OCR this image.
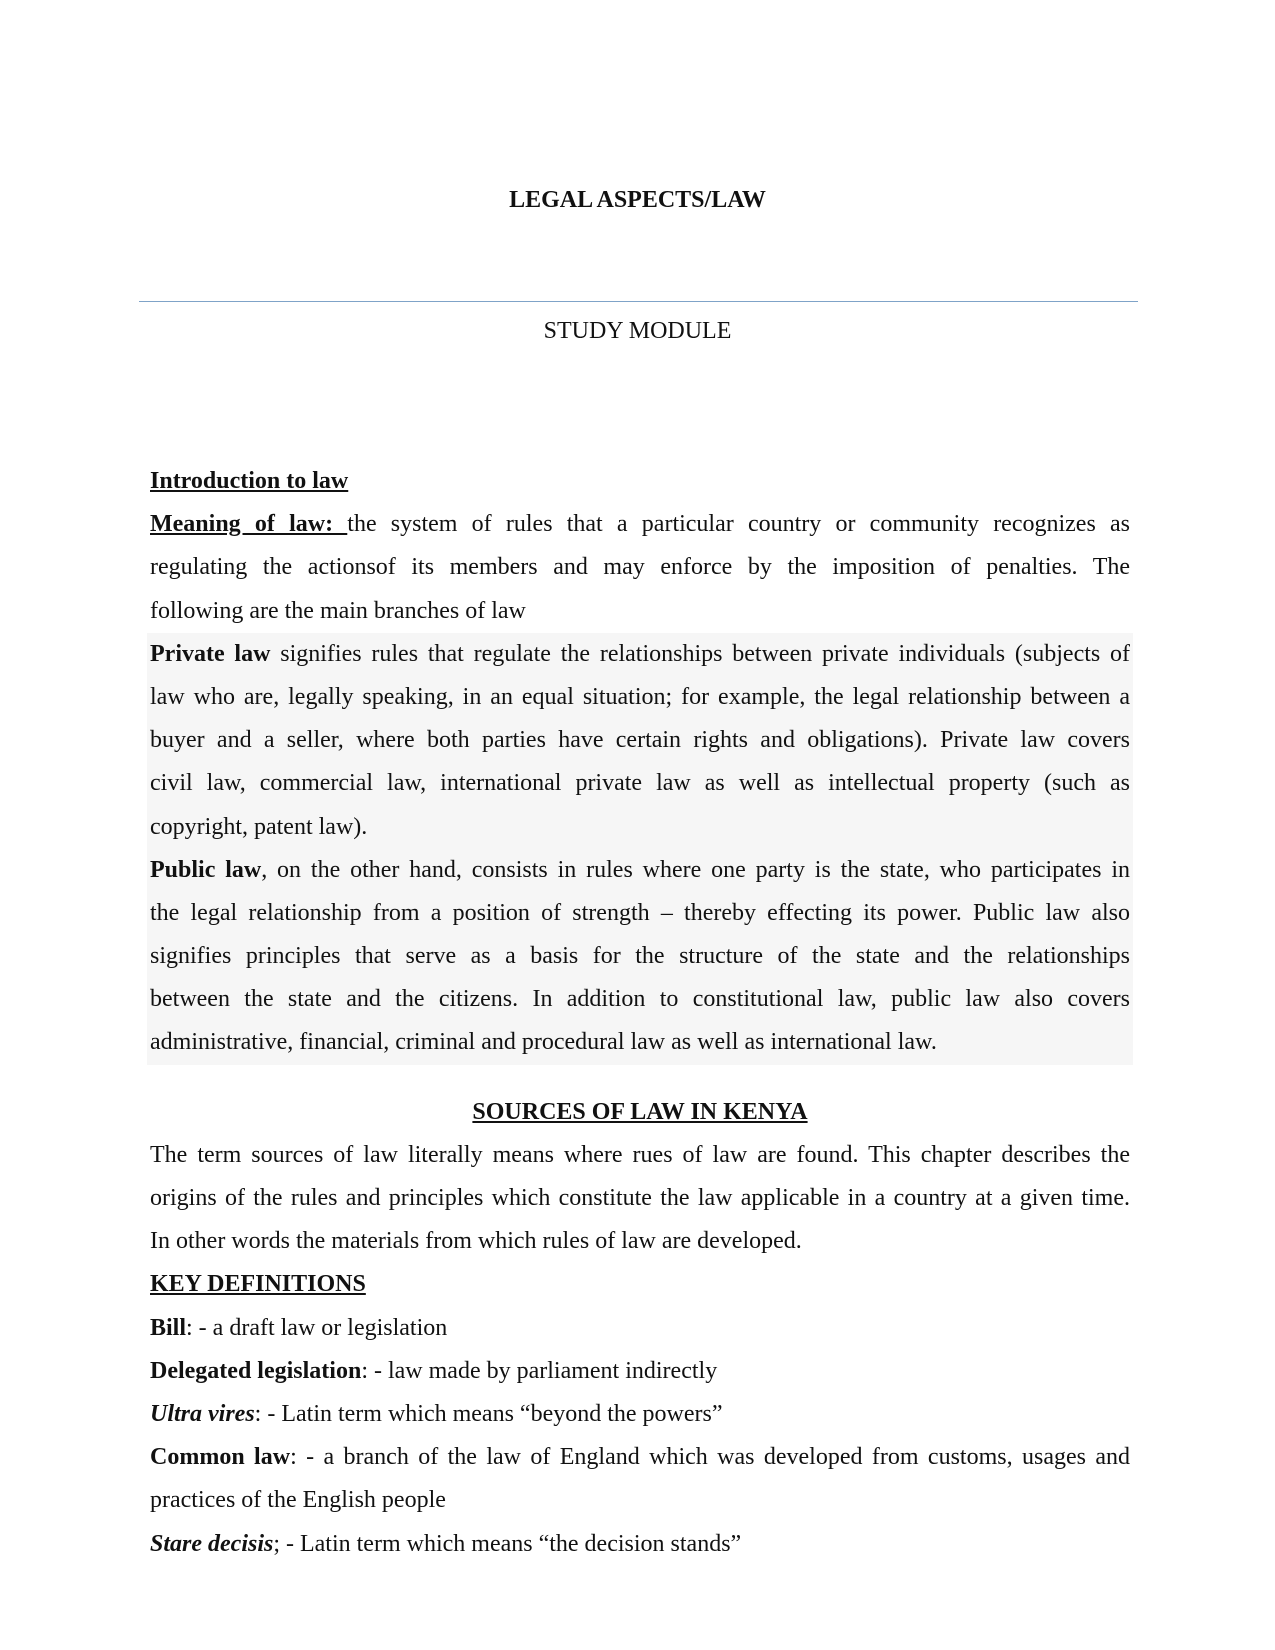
LEGAL ASPECTS/LAW
STUDY MODULE
Introduction to law
Meaning of law: the system of rules that a particular country or community recognizes as
regulating the actionsof its members and may enforce by the imposition of penalties. The
following are the main branches of law
Private law signifies rules that regulate the relationships between private individuals (subjects of
law who are, legally speaking, in an equal situation; for example, the legal relationship between a
buyer and a seller, where both parties have certain rights and obligations). Private law covers
civil law, commercial law, international private law as well as intellectual property (such as
copyright, patent law).
Public law, on the other hand, consists in rules where one party is the state, who participates in
the legal relationship from a position of strength – thereby effecting its power. Public law also
signifies principles that serve as a basis for the structure of the state and the relationships
between the state and the citizens. In addition to constitutional law, public law also covers
administrative, financial, criminal and procedural law as well as international law.
SOURCES OF LAW IN KENYA
The term sources of law literally means where rues of law are found. This chapter describes the
origins of the rules and principles which constitute the law applicable in a country at a given time.
In other words the materials from which rules of law are developed.
KEY DEFINITIONS
Bill: - a draft law or legislation
Delegated legislation: - law made by parliament indirectly
Ultra vires: - Latin term which means “beyond the powers”
Common law: - a branch of the law of England which was developed from customs, usages and
practices of the English people
Stare decisis; - Latin term which means “the decision stands”
